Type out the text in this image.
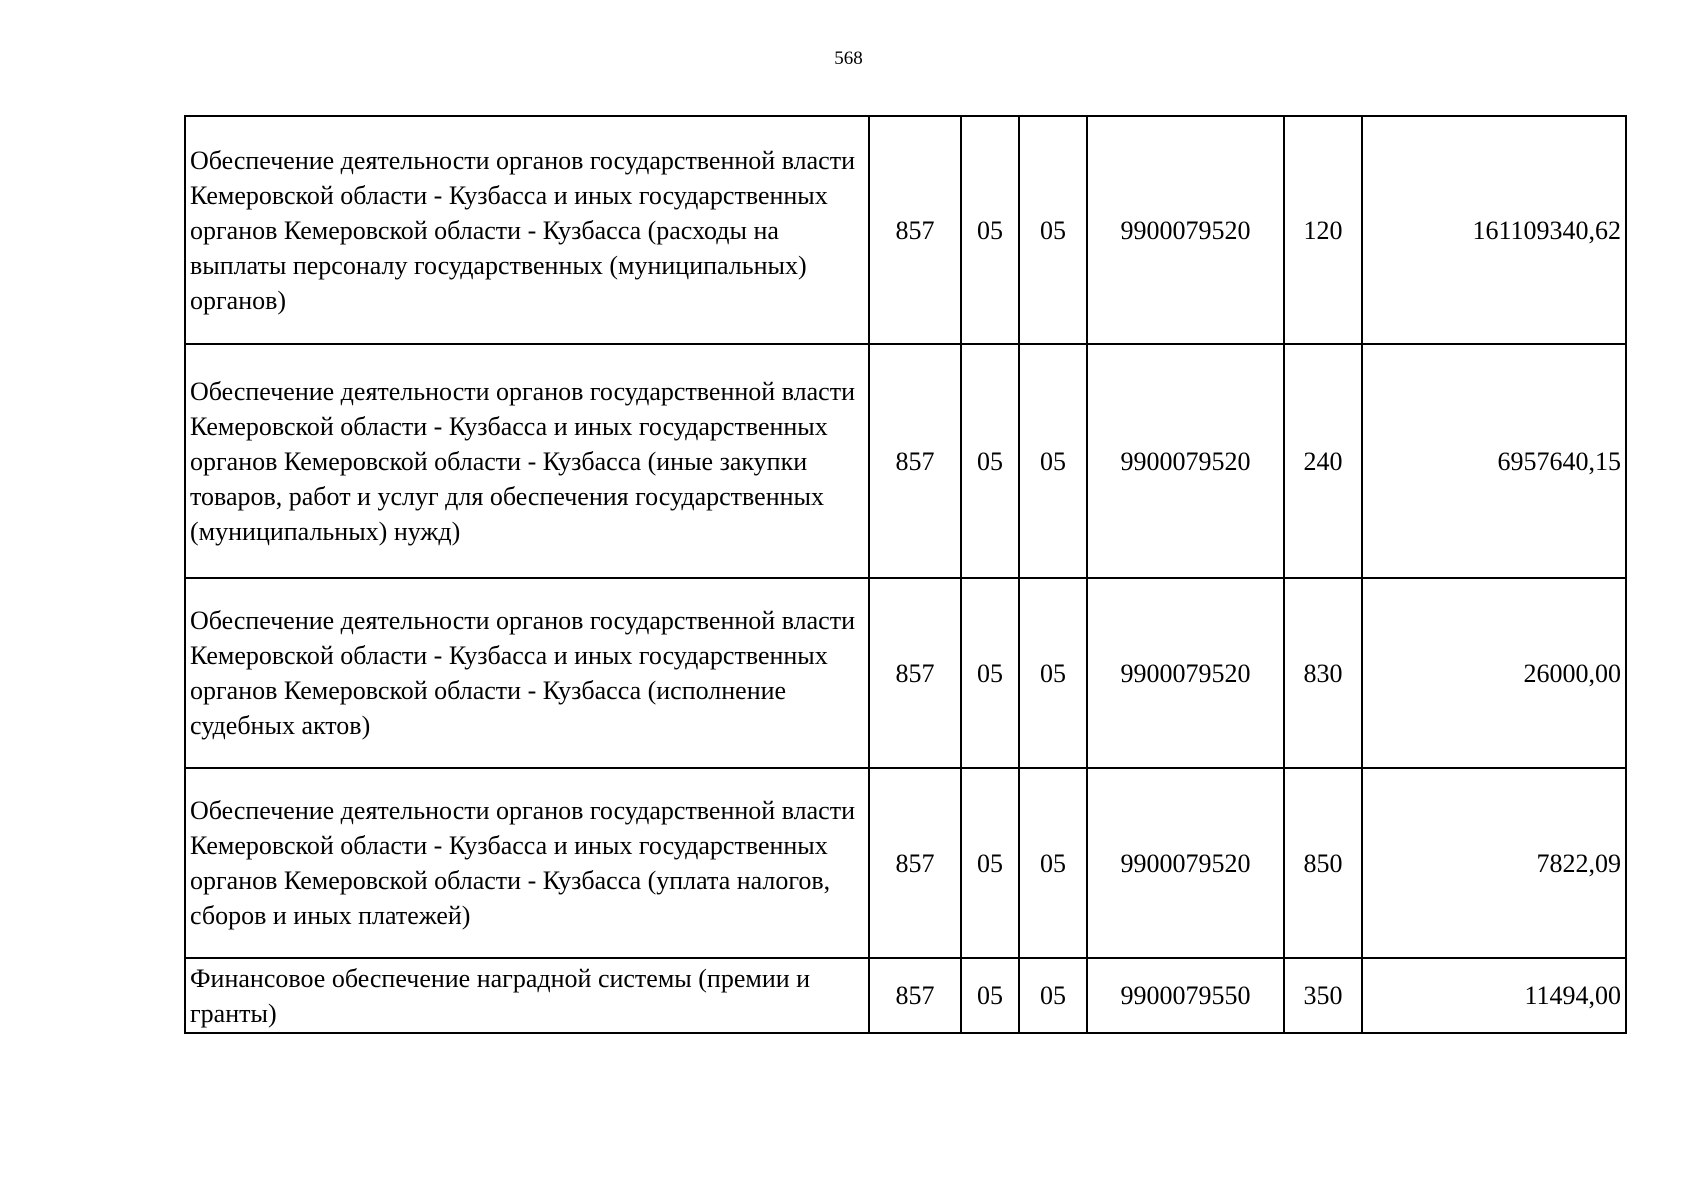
568
Обеспечение деятельности органов государственной власти Кемеровской области - Кузбасса и иных государственных органов Кемеровской области - Кузбасса (расходы на выплаты персоналу государственных (муниципальных) органов)	857	05	05	9900079520	120	161109340,62
Обеспечение деятельности органов государственной власти Кемеровской области - Кузбасса и иных государственных органов Кемеровской области - Кузбасса (иные закупки товаров, работ и услуг для обеспечения государственных (муниципальных) нужд)	857	05	05	9900079520	240	6957640,15
Обеспечение деятельности органов государственной власти Кемеровской области - Кузбасса и иных государственных органов Кемеровской области - Кузбасса (исполнение судебных актов)	857	05	05	9900079520	830	26000,00
Обеспечение деятельности органов государственной власти Кемеровской области - Кузбасса и иных государственных органов Кемеровской области - Кузбасса (уплата налогов, сборов и иных платежей)	857	05	05	9900079520	850	7822,09
Финансовое обеспечение наградной системы (премии и гранты)	857	05	05	9900079550	350	11494,00
